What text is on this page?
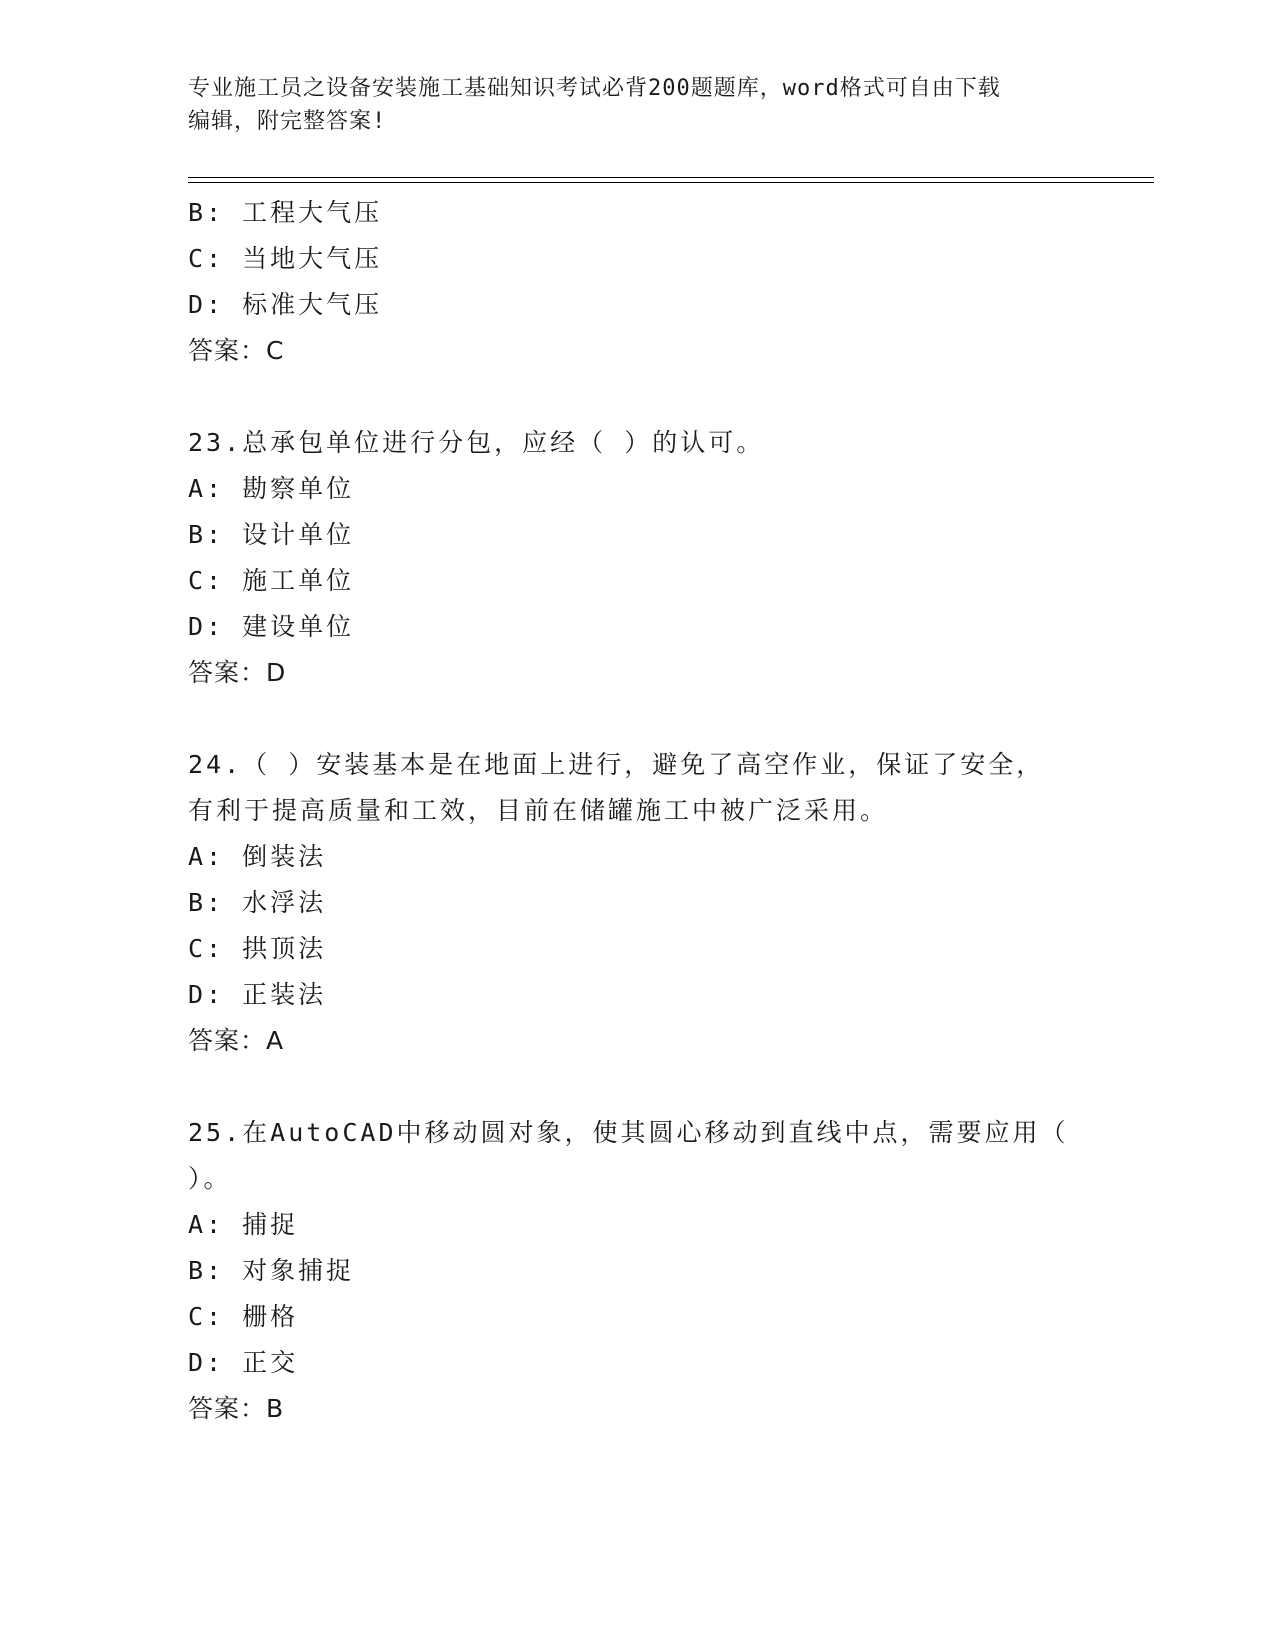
专业施工员之设备安装施工基础知识考试必背200题题库，word格式可自由下载
编辑，附完整答案!
B: 工程大气压
C: 当地大气压
D: 标准大气压
答案：C
23.总承包单位进行分包，应经（ ）的认可。
A: 勘察单位
B: 设计单位
C: 施工单位
D: 建设单位
答案：D
24.（ ）安装基本是在地面上进行，避免了高空作业，保证了安全，
有利于提高质量和工效，目前在储罐施工中被广泛采用。
A: 倒装法
B: 水浮法
C: 拱顶法
D: 正装法
答案：A
25.在AutoCAD中移动圆对象，使其圆心移动到直线中点，需要应用（
）。
A: 捕捉
B: 对象捕捉
C: 栅格
D: 正交
答案：B
